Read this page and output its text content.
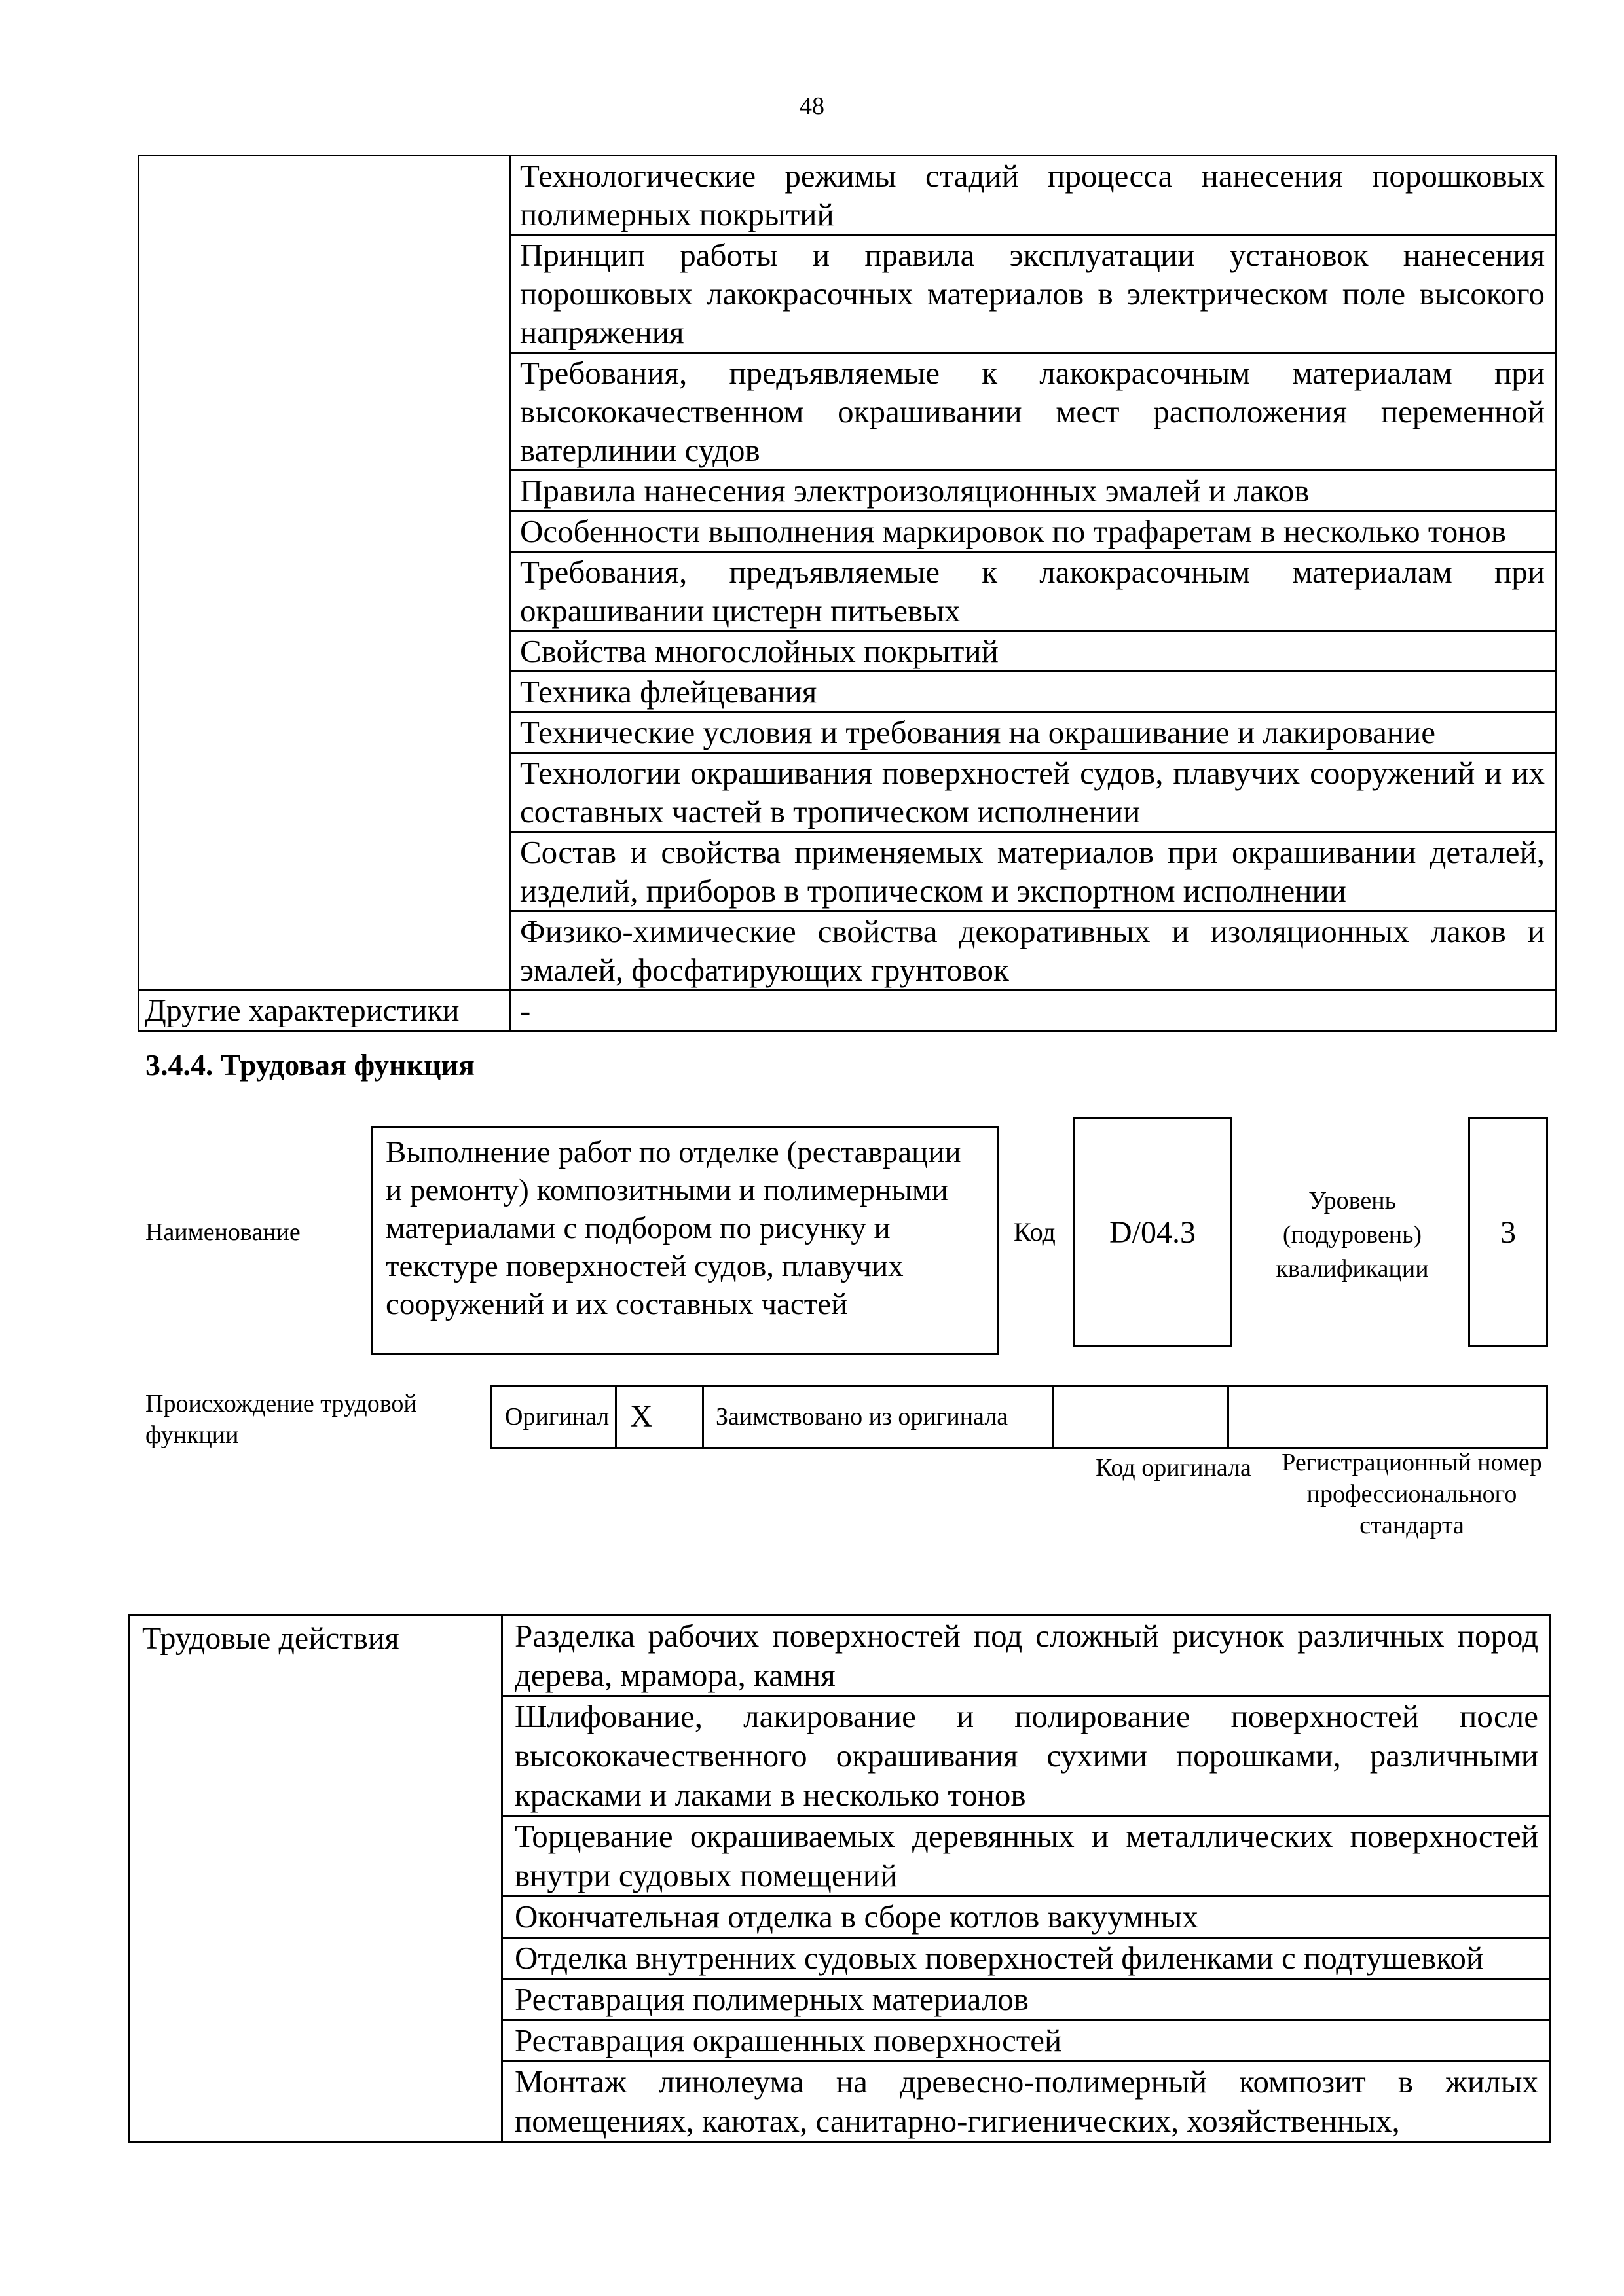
48
	Технологические режимы стадий процесса нанесения порошковых полимерных покрытий
	Принцип работы и правила эксплуатации установок нанесения порошковых лакокрасочных материалов в электрическом поле высокого напряжения
	Требования, предъявляемые к лакокрасочным материалам при высококачественном окрашивании мест расположения переменной ватерлинии судов
	Правила нанесения электроизоляционных эмалей и лаков
	Особенности выполнения маркировок по трафаретам в несколько тонов
	Требования, предъявляемые к лакокрасочным материалам при окрашивании цистерн питьевых
	Свойства многослойных покрытий
	Техника флейцевания
	Технические условия и требования на окрашивание и лакирование
	Технологии окрашивания поверхностей судов, плавучих сооружений и их составных частей в тропическом исполнении
	Состав и свойства применяемых материалов при окрашивании деталей, изделий, приборов в тропическом и экспортном исполнении
	Физико-химические свойства декоративных и изоляционных лаков и эмалей, фосфатирующих грунтовок
Другие характеристики	-
3.4.4. Трудовая функция
Наименование
Выполнение работ по отделке (реставрации и ремонту) композитными и полимерными материалами с подбором по рисунку и текстуре поверхностей судов, плавучих сооружений и их составных частей
Код D/04.3
Уровень (подуровень) квалификации
3
Происхождение трудовой функции
Оригинал	X	Заимствовано из оригинала		
Код оригинала Регистрационный номер профессионального стандарта
Трудовые действия	Разделка рабочих поверхностей под сложный рисунок различных пород дерева, мрамора, камня
Шлифование, лакирование и полирование поверхностей после высококачественного окрашивания сухими порошками, различными красками и лаками в несколько тонов
Торцевание окрашиваемых деревянных и металлических поверхностей внутри судовых помещений
Окончательная отделка в сборе котлов вакуумных
Отделка внутренних судовых поверхностей филенками с подтушевкой
Реставрация полимерных материалов
Реставрация окрашенных поверхностей
Монтаж линолеума на древесно-полимерный композит в жилых помещениях, каютах, санитарно-гигиенических, хозяйственных,
